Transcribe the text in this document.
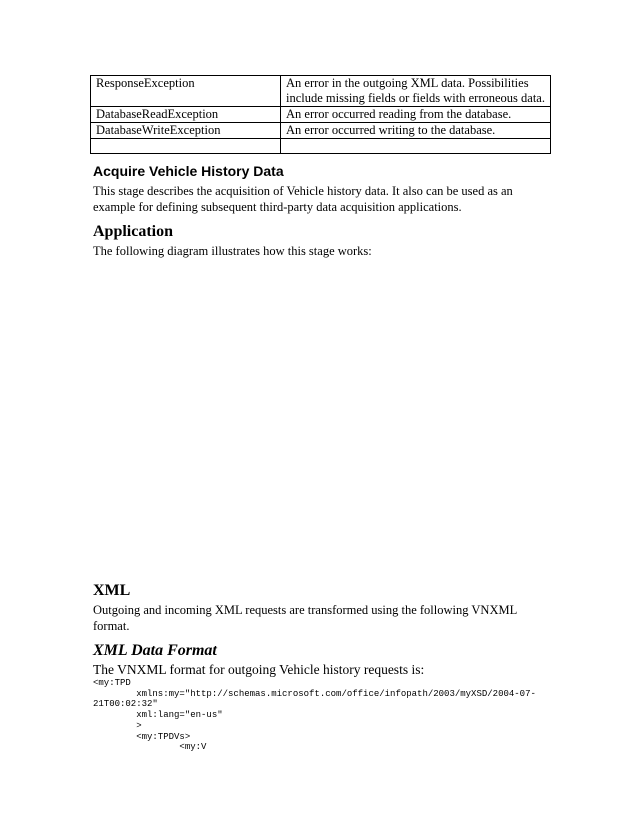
ResponseException	An error in the outgoing XML data. Possibilities
include missing fields or fields with erroneous data.
DatabaseReadException	An error occurred reading from the database.
DatabaseWriteException	An error occurred writing to the database.

Acquire Vehicle History Data

This stage describes the acquisition of Vehicle history data. It also can be used as an
example for defining subsequent third-party data acquisition applications.

Application

The following diagram illustrates how this stage works:

XML

Outgoing and incoming XML requests are transformed using the following VNXML
format.

XML Data Format

The VNXML format for outgoing Vehicle history requests is:

<my:TPD
xmlns:my="http://schemas.microsoft.com/office/infopath/2003/myXSD/2004-07-
21T00:02:32"
xml:lang="en-us"
>
<my:TPDVs>
<my:V
